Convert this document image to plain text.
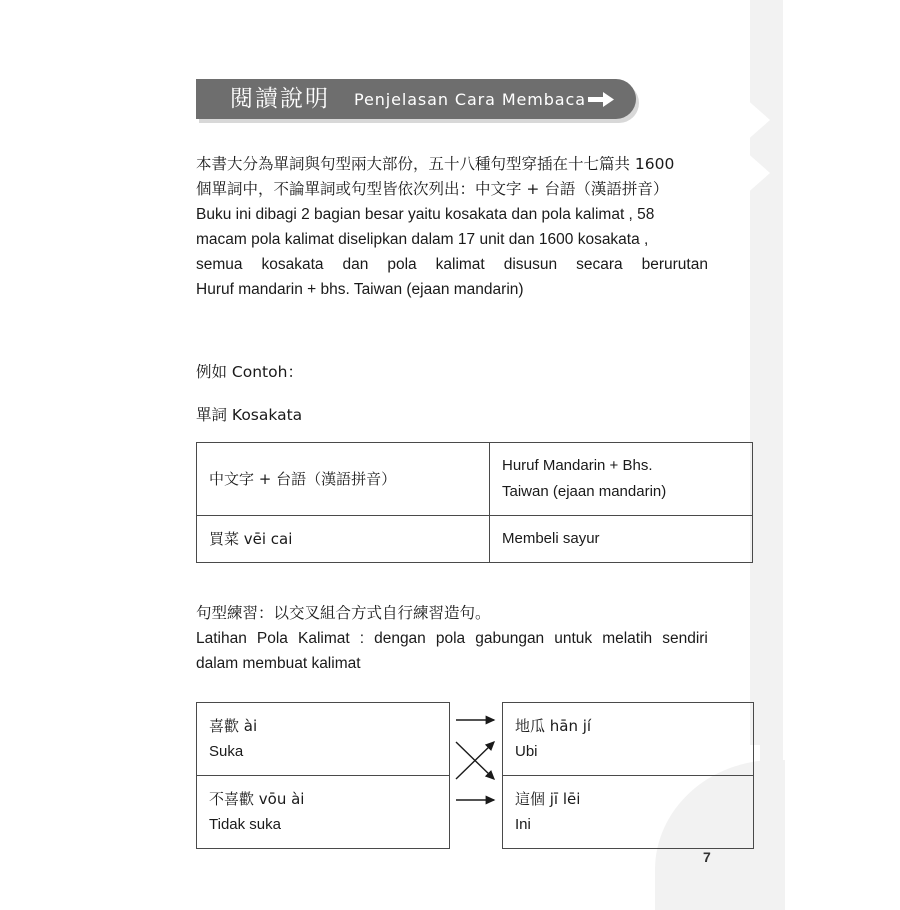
閱讀說明 Penjelasan Cara Membaca
本書大分為單詞與句型兩大部份，五十八種句型穿插在十七篇共 1600
個單詞中，不論單詞或句型皆依次列出：中文字 + 台語（漢語拼音）
Buku ini dibagi 2 bagian besar yaitu kosakata dan pola kalimat , 58
macam pola kalimat diselipkan dalam 17 unit dan 1600 kosakata ,
semua kosakata dan pola kalimat disusun secara berurutan
Huruf mandarin + bhs. Taiwan (ejaan mandarin)
例如 Contoh：
單詞 Kosakata
中文字 + 台語（漢語拼音）	Huruf Mandarin + Bhs.
Taiwan (ejaan mandarin)

買菜 vēi cai	Membeli sayur
句型練習：以交叉組合方式自行練習造句。
Latihan Pola Kalimat : dengan pola gabungan untuk melatih sendiri
dalam membuat kalimat
喜歡 ài
Suka

地瓜 hān jí
Ubi

不喜歡 vōu ài
Tidak suka

這個 jī lēi
Ini
7
